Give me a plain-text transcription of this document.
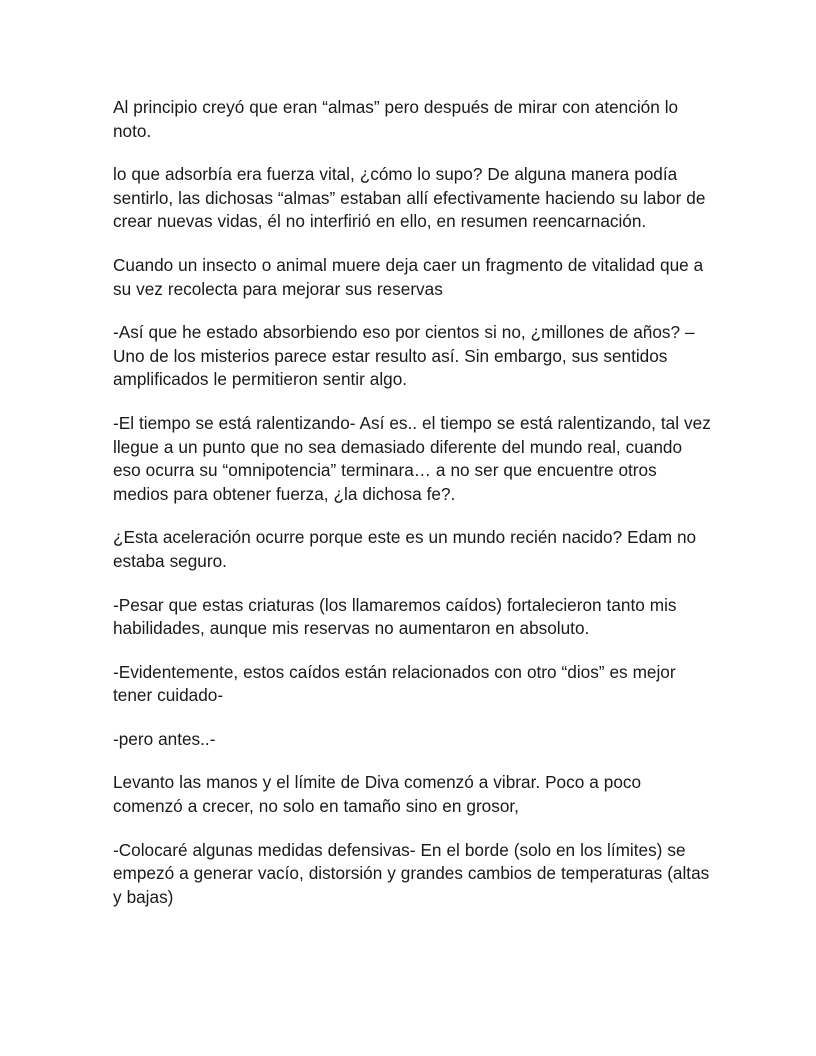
Al principio creyó que eran “almas” pero después de mirar con atención lo noto.

lo que adsorbía era fuerza vital, ¿cómo lo supo? De alguna manera podía sentirlo, las dichosas “almas” estaban allí efectivamente haciendo su labor de crear nuevas vidas, él no interfirió en ello, en resumen reencarnación.

Cuando un insecto o animal muere deja caer un fragmento de vitalidad que a su vez recolecta para mejorar sus reservas

-Así que he estado absorbiendo eso por cientos si no, ¿millones de años? – Uno de los misterios parece estar resulto así. Sin embargo, sus sentidos amplificados le permitieron sentir algo.

-El tiempo se está ralentizando- Así es.. el tiempo se está ralentizando, tal vez llegue a un punto que no sea demasiado diferente del mundo real, cuando eso ocurra su “omnipotencia” terminara… a no ser que encuentre otros medios para obtener fuerza, ¿la dichosa fe?.

¿Esta aceleración ocurre porque este es un mundo recién nacido? Edam no estaba seguro.

-Pesar que estas criaturas (los llamaremos caídos) fortalecieron tanto mis habilidades, aunque mis reservas no aumentaron en absoluto.

-Evidentemente, estos caídos están relacionados con otro “dios” es mejor tener cuidado-

-pero antes..-

Levanto las manos y el límite de Diva comenzó a vibrar. Poco a poco comenzó a crecer, no solo en tamaño sino en grosor,

-Colocaré algunas medidas defensivas- En el borde (solo en los límites) se empezó a generar vacío, distorsión y grandes cambios de temperaturas (altas y bajas)
